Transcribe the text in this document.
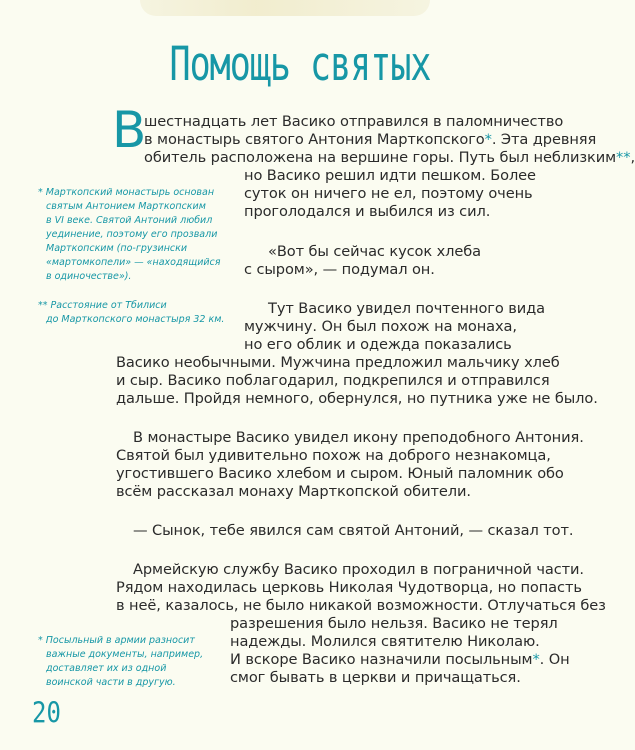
Помощь святых
В
шестнадцать лет Васико отправился в паломничество
в монастырь святого Антония Марткопского*. Эта древняя
обитель расположена на вершине горы. Путь был неблизким**,
но Васико решил идти пешком. Более
суток он ничего не ел, поэтому очень
проголодался и выбился из сил.
«Вот бы сейчас кусок хлеба
с сыром», — подумал он.
Тут Васико увидел почтенного вида
мужчину. Он был похож на монаха,
но его облик и одежда показались
Васико необычными. Мужчина предложил мальчику хлеб
и сыр. Васико поблагодарил, подкрепился и отправился
дальше. Пройдя немного, обернулся, но путника уже не было.
В монастыре Васико увидел икону преподобного Антония.
Святой был удивительно похож на доброго незнакомца,
угостившего Васико хлебом и сыром. Юный паломник обо
всём рассказал монаху Марткопской обители.
— Сынок, тебе явился сам святой Антоний, — сказал тот.
Армейскую службу Васико проходил в пограничной части.
Рядом находилась церковь Николая Чудотворца, но попасть
в неё, казалось, не было никакой возможности. Отлучаться без
разрешения было нельзя. Васико не терял
надежды. Молился святителю Николаю.
И вскоре Васико назначили посыльным*. Он
смог бывать в церкви и причащаться.
* Марткопский монастырь основан
святым Антонием Марткопским
в VI веке. Святой Антоний любил
уединение, поэтому его прозвали
Марткопским (по-грузински
«мартомкопели» — «находящийся
в одиночестве»).
** Расстояние от Тбилиси
до Марткопского монастыря 32 км.
* Посыльный в армии разносит
важные документы, например,
доставляет их из одной
воинской части в другую.
20
